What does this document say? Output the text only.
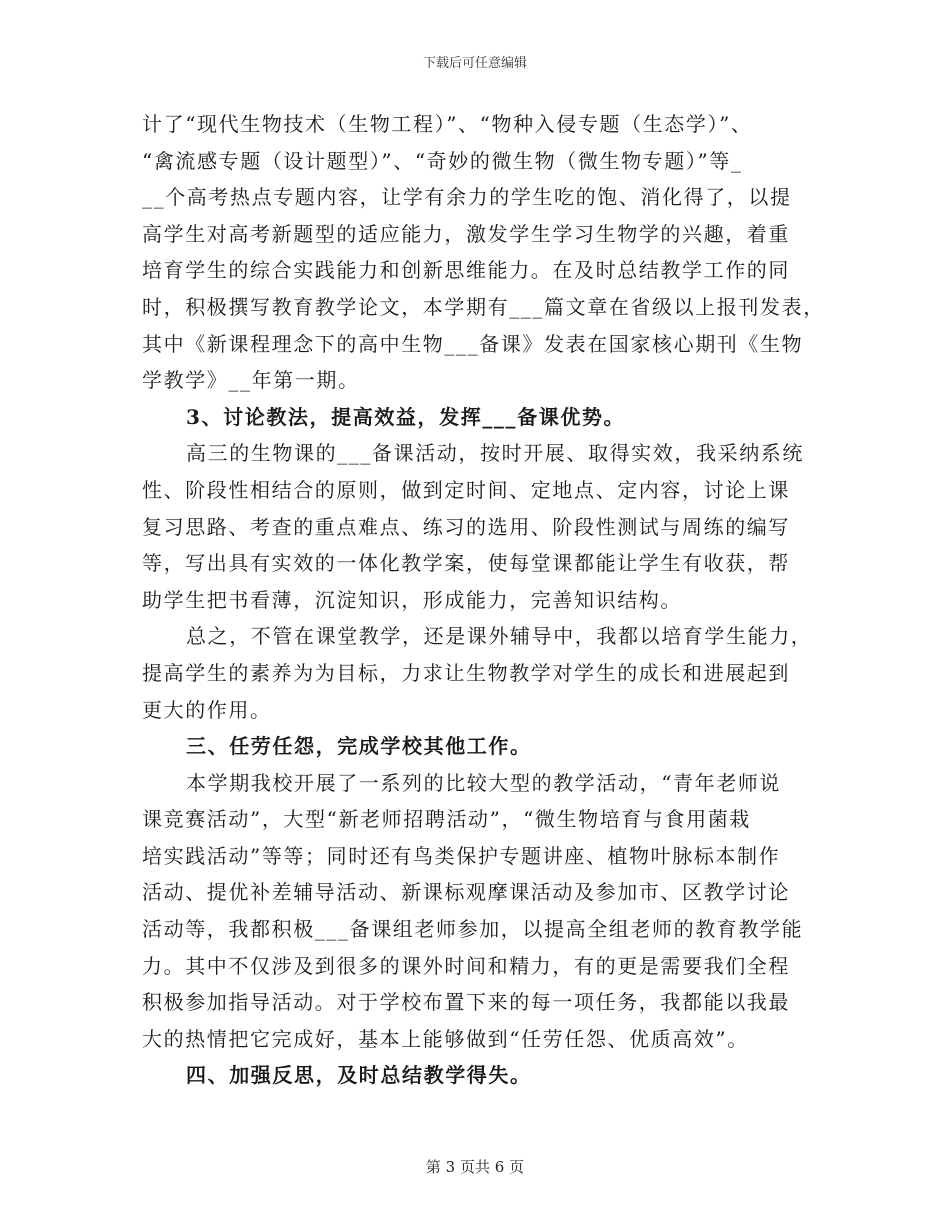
下载后可任意编辑
计了“现代生物技术（生物工程）”、“物种入侵专题（生态学）”、
“禽流感专题（设计题型）”、“奇妙的微生物（微生物专题）”等_
__个高考热点专题内容，让学有余力的学生吃的饱、消化得了，以提
高学生对高考新题型的适应能力，激发学生学习生物学的兴趣，着重
培育学生的综合实践能力和创新思维能力。在及时总结教学工作的同
时，积极撰写教育教学论文，本学期有___篇文章在省级以上报刊发表，
其中《新课程理念下的高中生物___备课》发表在国家核心期刊《生物
学教学》__年第一期。
3、讨论教法，提高效益，发挥___备课优势。
高三的生物课的___备课活动，按时开展、取得实效，我采纳系统
性、阶段性相结合的原则，做到定时间、定地点、定内容，讨论上课
复习思路、考查的重点难点、练习的选用、阶段性测试与周练的编写
等，写出具有实效的一体化教学案，使每堂课都能让学生有收获，帮
助学生把书看薄，沉淀知识，形成能力，完善知识结构。
总之，不管在课堂教学，还是课外辅导中，我都以培育学生能力，
提高学生的素养为为目标，力求让生物教学对学生的成长和进展起到
更大的作用。
三、任劳任怨，完成学校其他工作。
本学期我校开展了一系列的比较大型的教学活动，“青年老师说
课竞赛活动”，大型“新老师招聘活动”，“微生物培育与食用菌栽
培实践活动”等等；同时还有鸟类保护专题讲座、植物叶脉标本制作
活动、提优补差辅导活动、新课标观摩课活动及参加市、区教学讨论
活动等，我都积极___备课组老师参加，以提高全组老师的教育教学能
力。其中不仅涉及到很多的课外时间和精力，有的更是需要我们全程
积极参加指导活动。对于学校布置下来的每一项任务，我都能以我最
大的热情把它完成好，基本上能够做到“任劳任怨、优质高效”。
四、加强反思，及时总结教学得失。
第 3 页共 6 页
